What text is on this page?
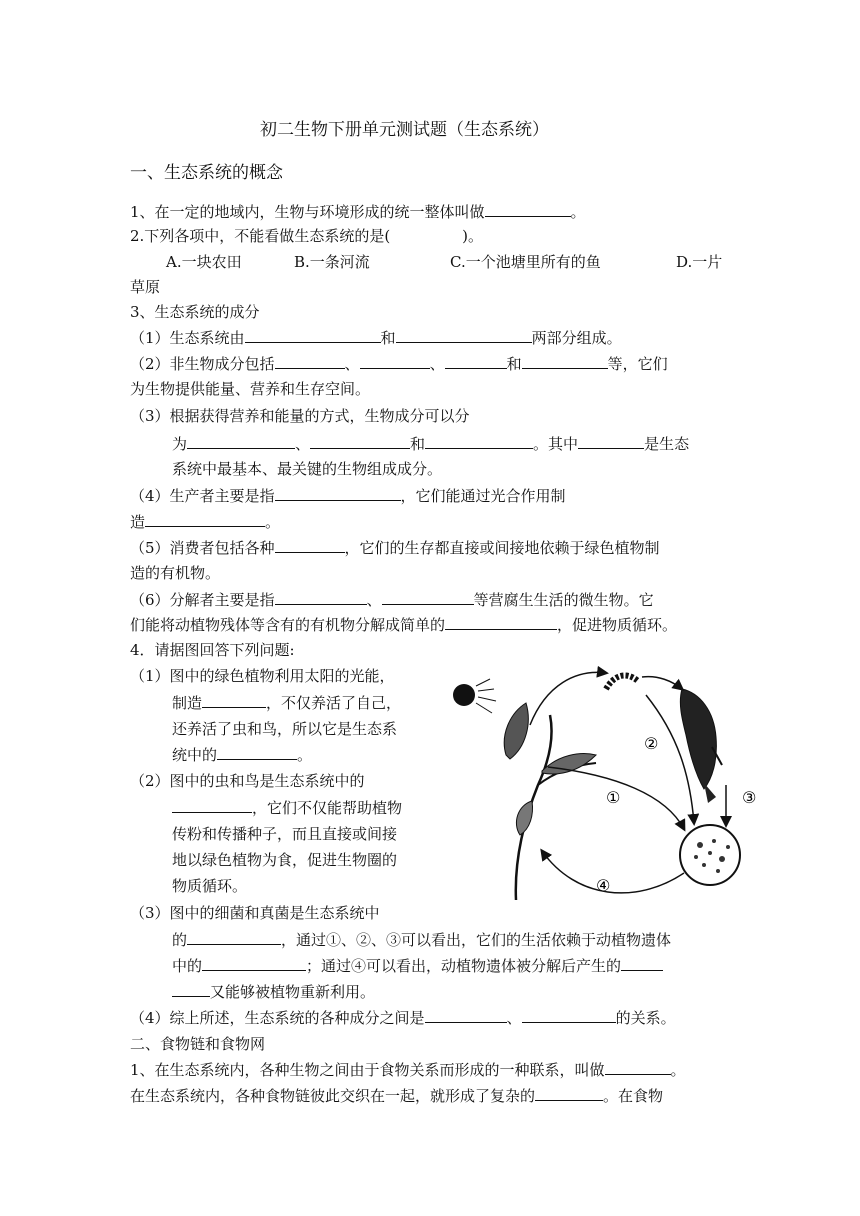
初二生物下册单元测试题（生态系统）
一、生态系统的概念
1、在一定的地域内，生物与环境形成的统一整体叫做	。
2.下列各项中，不能看做生态系统的是(	)。
A.一块农田	B.一条河流	C.一个池塘里所有的鱼	D.一片
草原
3、生态系统的成分
（1）生态系统由	和	两部分组成。
（2）非生物成分包括	、	、	和	等，它们
为生物提供能量、营养和生存空间。
（3）根据获得营养和能量的方式，生物成分可以分
为	、	和	。其中	是生态
系统中最基本、最关键的生物组成成分。
（4）生产者主要是指	，它们能通过光合作用制
造	。
（5）消费者包括各种	，它们的生存都直接或间接地依赖于绿色植物制
造的有机物。
（6）分解者主要是指	、	等营腐生生活的微生物。它
们能将动植物残体等含有的有机物分解成简单的	，促进物质循环。
4．请据图回答下列问题:
（1）图中的绿色植物利用太阳的光能，
制造	，不仅养活了自己，
还养活了虫和鸟，所以它是生态系
统中的	。
（2）图中的虫和鸟是生态系统中的
，它们不仅能帮助植物
传粉和传播种子，而且直接或间接
地以绿色植物为食，促进生物圈的
物质循环。
（3）图中的细菌和真菌是生态系统中
的	，通过①、②、③可以看出，它们的生活依赖于动植物遗体
中的	；通过④可以看出，动植物遗体被分解后产生的
又能够被植物重新利用。
（4）综上所述，生态系统的各种成分之间是	、	的关系。
二、食物链和食物网
1、在生态系统内，各种生物之间由于食物关系而形成的一种联系，叫做	。
在生态系统内，各种食物链彼此交织在一起，就形成了复杂的	。在食物
②
①	③
④
